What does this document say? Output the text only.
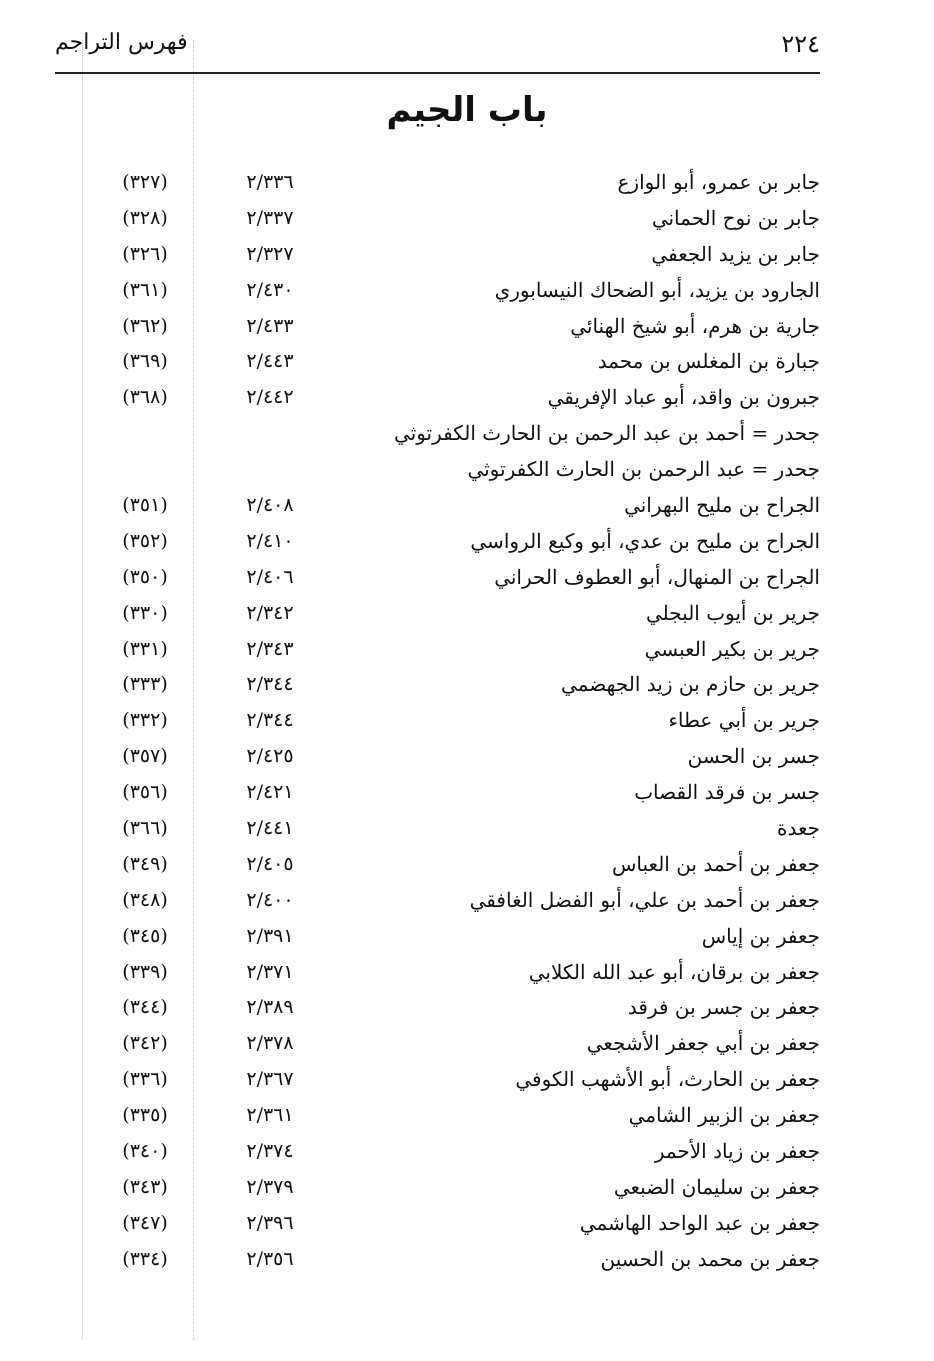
٢٢٤
فهرس التراجم
باب الجيم
جابر بن عمرو، أبو الوازع
٢/٣٣٦
(٣٢٧)
جابر بن نوح الحماني
٢/٣٣٧
(٣٢٨)
جابر بن يزيد الجعفي
٢/٣٢٧
(٣٢٦)
الجارود بن يزيد، أبو الضحاك النيسابوري
٢/٤٣٠
(٣٦١)
جارية بن هرم، أبو شيخ الهنائي
٢/٤٣٣
(٣٦٢)
جبارة بن المغلس بن محمد
٢/٤٤٣
(٣٦٩)
جبرون بن واقد، أبو عباد الإفريقي
٢/٤٤٢
(٣٦٨)
جحدر = أحمد بن عبد الرحمن بن الحارث الكفرتوثي
جحدر = عبد الرحمن بن الحارث الكفرتوثي
الجراح بن مليح البهراني
٢/٤٠٨
(٣٥١)
الجراح بن مليح بن عدي، أبو وكيع الرواسي
٢/٤١٠
(٣٥٢)
الجراح بن المنهال، أبو العطوف الحراني
٢/٤٠٦
(٣٥٠)
جرير بن أيوب البجلي
٢/٣٤٢
(٣٣٠)
جرير بن بكير العبسي
٢/٣٤٣
(٣٣١)
جرير بن حازم بن زيد الجهضمي
٢/٣٤٤
(٣٣٣)
جرير بن أبي عطاء
٢/٣٤٤
(٣٣٢)
جسر بن الحسن
٢/٤٢٥
(٣٥٧)
جسر بن فرقد القصاب
٢/٤٢١
(٣٥٦)
جعدة
٢/٤٤١
(٣٦٦)
جعفر بن أحمد بن العباس
٢/٤٠٥
(٣٤٩)
جعفر بن أحمد بن علي، أبو الفضل الغافقي
٢/٤٠٠
(٣٤٨)
جعفر بن إياس
٢/٣٩١
(٣٤٥)
جعفر بن برقان، أبو عبد الله الكلابي
٢/٣٧١
(٣٣٩)
جعفر بن جسر بن فرقد
٢/٣٨٩
(٣٤٤)
جعفر بن أبي جعفر الأشجعي
٢/٣٧٨
(٣٤٢)
جعفر بن الحارث، أبو الأشهب الكوفي
٢/٣٦٧
(٣٣٦)
جعفر بن الزبير الشامي
٢/٣٦١
(٣٣٥)
جعفر بن زياد الأحمر
٢/٣٧٤
(٣٤٠)
جعفر بن سليمان الضبعي
٢/٣٧٩
(٣٤٣)
جعفر بن عبد الواحد الهاشمي
٢/٣٩٦
(٣٤٧)
جعفر بن محمد بن الحسين
٢/٣٥٦
(٣٣٤)
